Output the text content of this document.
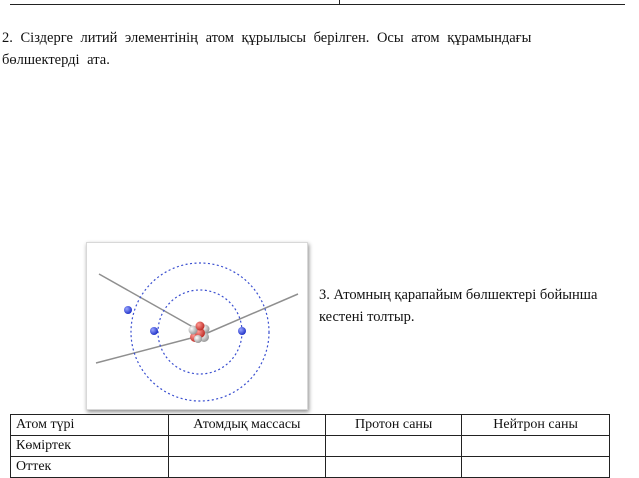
2. Сіздерге литий элементінің атом құрылысы берілген. Осы атом құрамындағы
бөлшектерді ата.
3. Атомның қарапайым бөлшектері бойынша
кестені толтыр.
Атом түрі	Атомдық массасы	Протон саны	Нейтрон саны
Көміртек			
Оттек			
